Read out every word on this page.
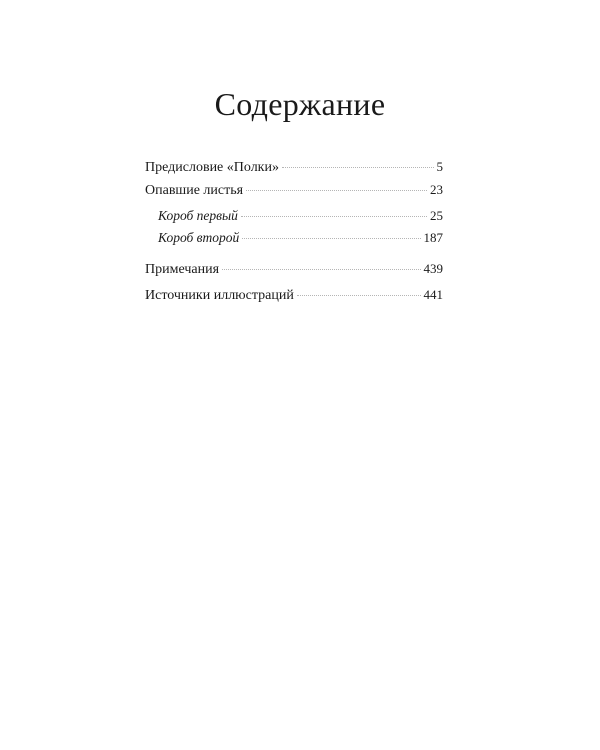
Содержание
Предисловие «Полки»	5
Опавшие листья	23
Короб первый	25
Короб второй	187
Примечания	439
Источники иллюстраций	441
